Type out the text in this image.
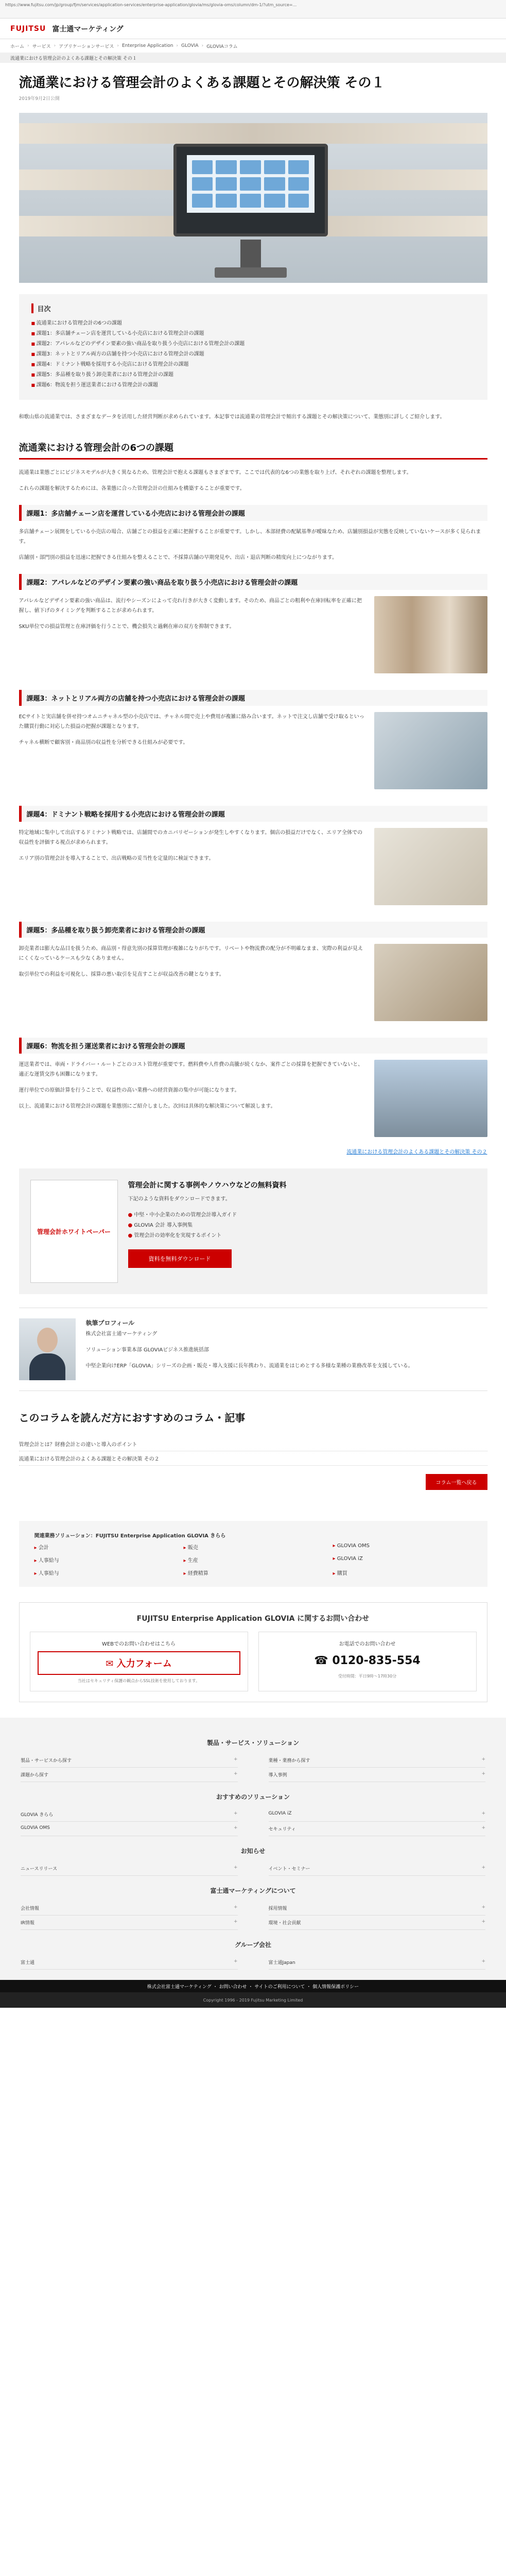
https://www.fujitsu.com/jp/group/fjm/services/application-services/enterprise-application/glovia/ms/glovia-oms/column/dm-1/?utm_source=...
FUJITSU 富士通マーケティング
ホーム › サービス › アプリケーションサービス › Enterprise Application › GLOVIA › GLOVIAコラム
流通業における管理会計のよくある課題とその解決策 その１
流通業における管理会計のよくある課題とその解決策 その１
2019年9月2日公開
目次
■ 流通業における管理会計の6つの課題
■ 課題1：多店舗チェーン店を運営している小売店における管理会計の課題
■ 課題2：アパレルなどのデザイン要素の強い商品を取り扱う小売店における管理会計の課題
■ 課題3：ネットとリアル両方の店舗を持つ小売店における管理会計の課題
■ 課題4：ドミナント戦略を採用する小売店における管理会計の課題
■ 課題5：多品種を取り扱う卸売業者における管理会計の課題
■ 課題6：物流を担う運送業者における管理会計の課題

和歌山県の流通業では、さまざまなデータを活用した経営判断が求められています。本記事では流通業の管理会計で頻出する課題とその解決策について、業態別に詳しくご紹介します。

流通業における管理会計の6つの課題

流通業は業態ごとにビジネスモデルが大きく異なるため、管理会計で抱える課題もさまざまです。ここでは代表的な6つの業態を取り上げ、それぞれの課題を整理します。

これらの課題を解決するためには、各業態に合った管理会計の仕組みを構築することが重要です。

課題1：多店舗チェーン店を運営している小売店における管理会計の課題

多店舗チェーン展開をしている小売店の場合、店舗ごとの損益を正確に把握することが重要です。しかし、本部経費の配賦基準が曖昧なため、店舗別損益が実態を反映していないケースが多く見られます。

店舗別・部門別の損益を迅速に把握できる仕組みを整えることで、不採算店舗の早期発見や、出店・退店判断の精度向上につながります。

課題2：アパレルなどのデザイン要素の強い商品を取り扱う小売店における管理会計の課題

アパレルなどデザイン要素の強い商品は、流行やシーズンによって売れ行きが大きく変動します。そのため、商品ごとの粗利や在庫回転率を正確に把握し、値下げのタイミングを判断することが求められます。

SKU単位での損益管理と在庫評価を行うことで、機会損失と過剰在庫の双方を抑制できます。

課題3：ネットとリアル両方の店舗を持つ小売店における管理会計の課題

ECサイトと実店舗を併せ持つオムニチャネル型の小売店では、チャネル間で売上や費用が複雑に絡み合います。ネットで注文し店舗で受け取るといった購買行動に対応した損益の把握が課題となります。

チャネル横断で顧客別・商品別の収益性を分析できる仕組みが必要です。

課題4：ドミナント戦略を採用する小売店における管理会計の課題

特定地域に集中して出店するドミナント戦略では、店舗間でのカニバリゼーションが発生しやすくなります。個店の損益だけでなく、エリア全体での収益性を評価する視点が求められます。

エリア別の管理会計を導入することで、出店戦略の妥当性を定量的に検証できます。

課題5：多品種を取り扱う卸売業者における管理会計の課題

卸売業者は膨大な品目を扱うため、商品別・得意先別の採算管理が複雑になりがちです。リベートや物流費の配分が不明確なまま、実際の利益が見えにくくなっているケースも少なくありません。

取引単位での利益を可視化し、採算の悪い取引を見直すことが収益改善の鍵となります。

課題6：物流を担う運送業者における管理会計の課題

運送業者では、車両・ドライバー・ルートごとのコスト管理が重要です。燃料費や人件費の高騰が続くなか、案件ごとの採算を把握できていないと、適正な運賃交渉も困難になります。

運行単位での原価計算を行うことで、収益性の高い業務への経営資源の集中が可能になります。

以上、流通業における管理会計の課題を業態別にご紹介しました。次回は具体的な解決策について解説します。

流通業における管理会計のよくある課題とその解決策 その２
管理会計ホワイトペーパー
管理会計に関する事例やノウハウなどの無料資料

下記のような資料をダウンロードできます。

● 中堅・中小企業のための管理会計導入ガイド
● GLOVIA 会計 導入事例集
● 管理会計の効率化を実現するポイント
資料を無料ダウンロード
執筆プロフィール

株式会社富士通マーケティング

ソリューション事業本部 GLOVIAビジネス推進統括部

中堅企業向けERP「GLOVIA」シリーズの企画・販売・導入支援に長年携わり、流通業をはじめとする多様な業種の業務改革を支援している。

このコラムを読んだ方におすすめのコラム・記事
管理会計とは？財務会計との違いと導入のポイント
流通業における管理会計のよくある課題とその解決策 その２
コラム一覧へ戻る
関連業務ソリューション：FUJITSU Enterprise Application GLOVIA きらら
▸ 会計	▸ 販売	▸ GLOVIA OMS
▸ 人事給与	▸ 生産	▸ GLOVIA iZ
▸ 人事給与	▸ 経費精算	▸ 購買
FUJITSU Enterprise Application GLOVIA に関するお問い合わせ
WEBでのお問い合わせはこちら
✉ 入力フォーム
当社はセキュリティ保護の観点からSSL技術を使用しております。
お電話でのお問い合わせ
☎ 0120-835-554
受付時間：平日9時〜17時30分
製品・サービス・ソリューション
製品・サービスから探す +	業種・業務から探す +
課題から探す +	導入事例 +
おすすめのソリューション
GLOVIA きらら +	GLOVIA iZ +
GLOVIA OMS +	セキュリティ +
お知らせ
ニュースリリース +	イベント・セミナー +
富士通マーケティングについて
会社情報 +	採用情報 +
IR情報 +	環境・社会貢献 +
グループ会社
富士通 +	富士通Japan +
株式会社富士通マーケティング ・ お問い合わせ ・ サイトのご利用について ・ 個人情報保護ポリシー
Copyright 1996 - 2019 Fujitsu Marketing Limited
